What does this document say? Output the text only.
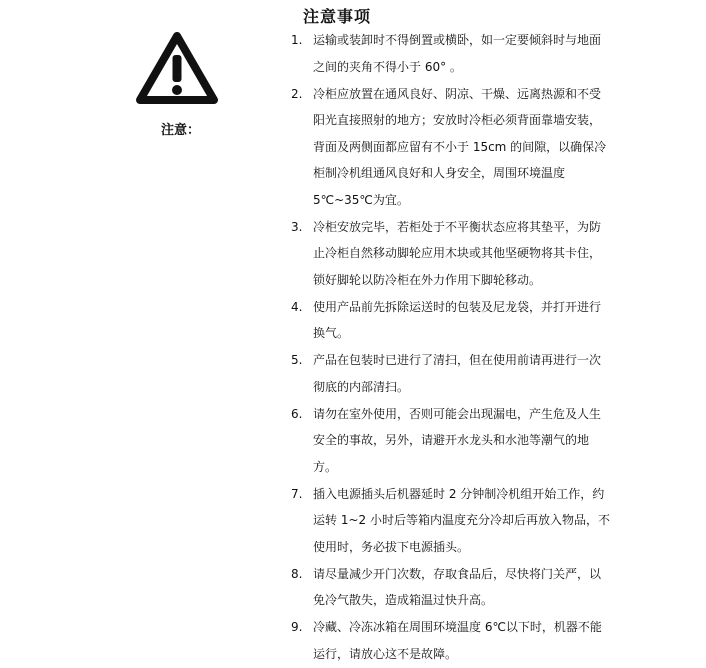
注意事项
注意：
1. 运输或装卸时不得倒置或横卧，如一定要倾斜时与地面之间的夹角不得小于 60° 。
2. 冷柜应放置在通风良好、阴凉、干燥、远离热源和不受阳光直接照射的地方；安放时冷柜必须背面靠墙安装，背面及两侧面都应留有不小于 15cm 的间隙，以确保冷柜制冷机组通风良好和人身安全，周围环境温度 5℃~35℃为宜。
3. 冷柜安放完毕，若柜处于不平衡状态应将其垫平，为防止冷柜自然移动脚轮应用木块或其他坚硬物将其卡住，锁好脚轮以防冷柜在外力作用下脚轮移动。
4. 使用产品前先拆除运送时的包装及尼龙袋，并打开进行换气。
5. 产品在包装时已进行了清扫，但在使用前请再进行一次彻底的内部清扫。
6. 请勿在室外使用，否则可能会出现漏电，产生危及人生安全的事故，另外，请避开水龙头和水池等潮气的地方。
7. 插入电源插头后机器延时 2 分钟制冷机组开始工作，约运转 1~2 小时后等箱内温度充分冷却后再放入物品，不使用时，务必拔下电源插头。
8. 请尽量减少开门次数，存取食品后，尽快将门关严，以免冷气散失，造成箱温过快升高。
9. 冷藏、冷冻冰箱在周围环境温度 6℃以下时，机器不能运行，请放心这不是故障。
